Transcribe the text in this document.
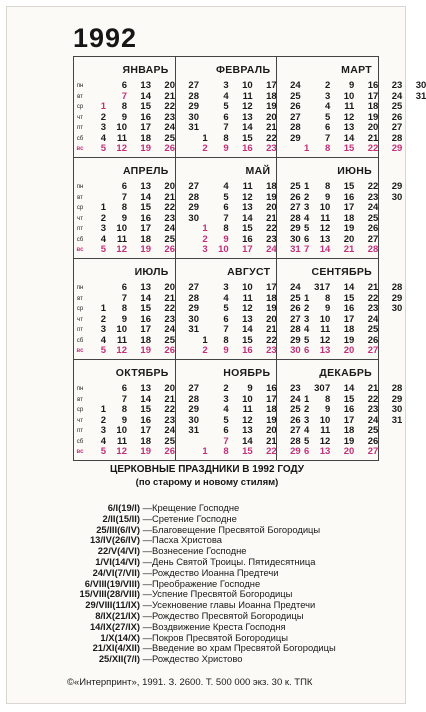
1992
ЯНВАРЬ
пн
вт
ср
чт
пт
сб
вс
1
2
3
4
5
6
7
8
9
10
11
12
13
14
15
16
17
18
19
20
21
22
23
24
25
26
27
28
29
30
31
ФЕВРАЛЬ
1
2
3
4
5
6
7
8
9
10
11
12
13
14
15
16
17
18
19
20
21
22
23
24
25
26
27
28
29
МАРТ
1
2
3
4
5
6
7
8
9
10
11
12
13
14
15
16
17
18
19
20
21
22
23
24
25
26
27
28
29
30
31
АПРЕЛЬ
пн
вт
ср
чт
пт
сб
вс
1
2
3
4
5
6
7
8
9
10
11
12
13
14
15
16
17
18
19
20
21
22
23
24
25
26
27
28
29
30
МАЙ
1
2
3
4
5
6
7
8
9
10
11
12
13
14
15
16
17
18
19
20
21
22
23
24
25
26
27
28
29
30
31
ИЮНЬ
1
2
3
4
5
6
7
8
9
10
11
12
13
14
15
16
17
18
19
20
21
22
23
24
25
26
27
28
29
30
ИЮЛЬ
пн
вт
ср
чт
пт
сб
вс
1
2
3
4
5
6
7
8
9
10
11
12
13
14
15
16
17
18
19
20
21
22
23
24
25
26
27
28
29
30
31
АВГУСТ
1
2
3
4
5
6
7
8
9
10
11
12
13
14
15
16
17
18
19
20
21
22
23
24
25
26
27
28
29
30
31
СЕНТЯБРЬ
1
2
3
4
5
6
7
8
9
10
11
12
13
14
15
16
17
18
19
20
21
22
23
24
25
26
27
28
29
30
ОКТЯБРЬ
пн
вт
ср
чт
пт
сб
вс
1
2
3
4
5
6
7
8
9
10
11
12
13
14
15
16
17
18
19
20
21
22
23
24
25
26
27
28
29
30
31
НОЯБРЬ
1
2
3
4
5
6
7
8
9
10
11
12
13
14
15
16
17
18
19
20
21
22
23
24
25
26
27
28
29
30
ДЕКАБРЬ
1
2
3
4
5
6
7
8
9
10
11
12
13
14
15
16
17
18
19
20
21
22
23
24
25
26
27
28
29
30
31
ЦЕРКОВНЫЕ ПРАЗДНИКИ В 1992 ГОДУ
(по старому и новому стилям)
6/I(19/I) —Крещение Господне
2/II(15/II) —Сретение Господне
25/III(6/IV) —Благовещение Пресвятой Богородицы
13/IV(26/IV) —Пасха Христова
22/V(4/VI) —Вознесение Господне
1/VI(14/VI) —День Святой Троицы. Пятидесятница
24/VI(7/VII) —Рождество Иоанна Предтечи
6/VIII(19/VIII) —Преображение Господне
15/VIII(28/VIII) —Успение Пресвятой Богородицы
29/VIII(11/IX) —Усекновение главы Иоанна Предтечи
8/IX(21/IX) —Рождество Пресвятой Богородицы
14/IX(27/IX) —Воздвижение Креста Господня
1/X(14/X) —Покров Пресвятой Богородицы
21/XI(4/XII) —Введение во храм Пресвятой Богородицы
25/XII(7/I) —Рождество Христово
©«Интерпринт», 1991. З. 2600. Т. 500 000 экз. 30 к. ТПК
